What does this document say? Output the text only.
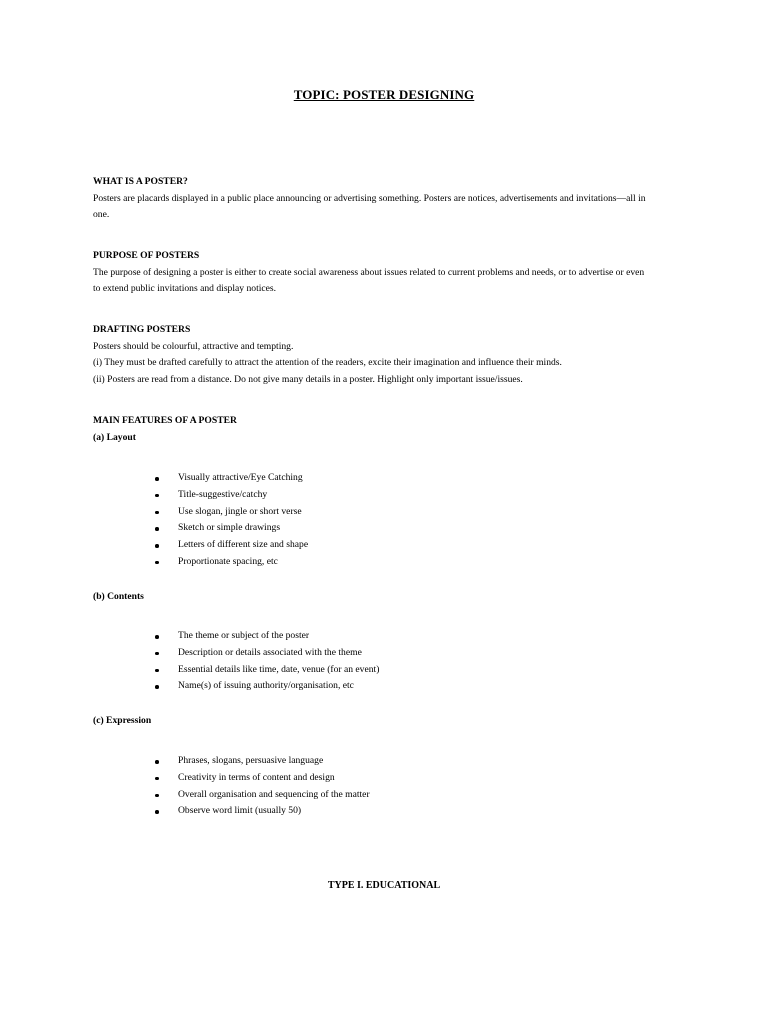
TOPIC: POSTER DESIGNING
WHAT IS A POSTER?
Posters are placards displayed in a public place announcing or advertising something. Posters are notices, advertisements and invitations—all in
one.
PURPOSE OF POSTERS
The purpose of designing a poster is either to create social awareness about issues related to current problems and needs, or to advertise or even
to extend public invitations and display notices.
DRAFTING POSTERS
Posters should be colourful, attractive and tempting.
(i) They must be drafted carefully to attract the attention of the readers, excite their imagination and influence their minds.
(ii) Posters are read from a distance. Do not give many details in a poster. Highlight only important issue/issues.
MAIN FEATURES OF A POSTER
(a) Layout
Visually attractive/Eye Catching
Title-suggestive/catchy
Use slogan, jingle or short verse
Sketch or simple drawings
Letters of different size and shape
Proportionate spacing, etc
(b) Contents
The theme or subject of the poster
Description or details associated with the theme
Essential details like time, date, venue (for an event)
Name(s) of issuing authority/organisation, etc
(c) Expression
Phrases, slogans, persuasive language
Creativity in terms of content and design
Overall organisation and sequencing of the matter
Observe word limit (usually 50)
TYPE I. EDUCATIONAL
